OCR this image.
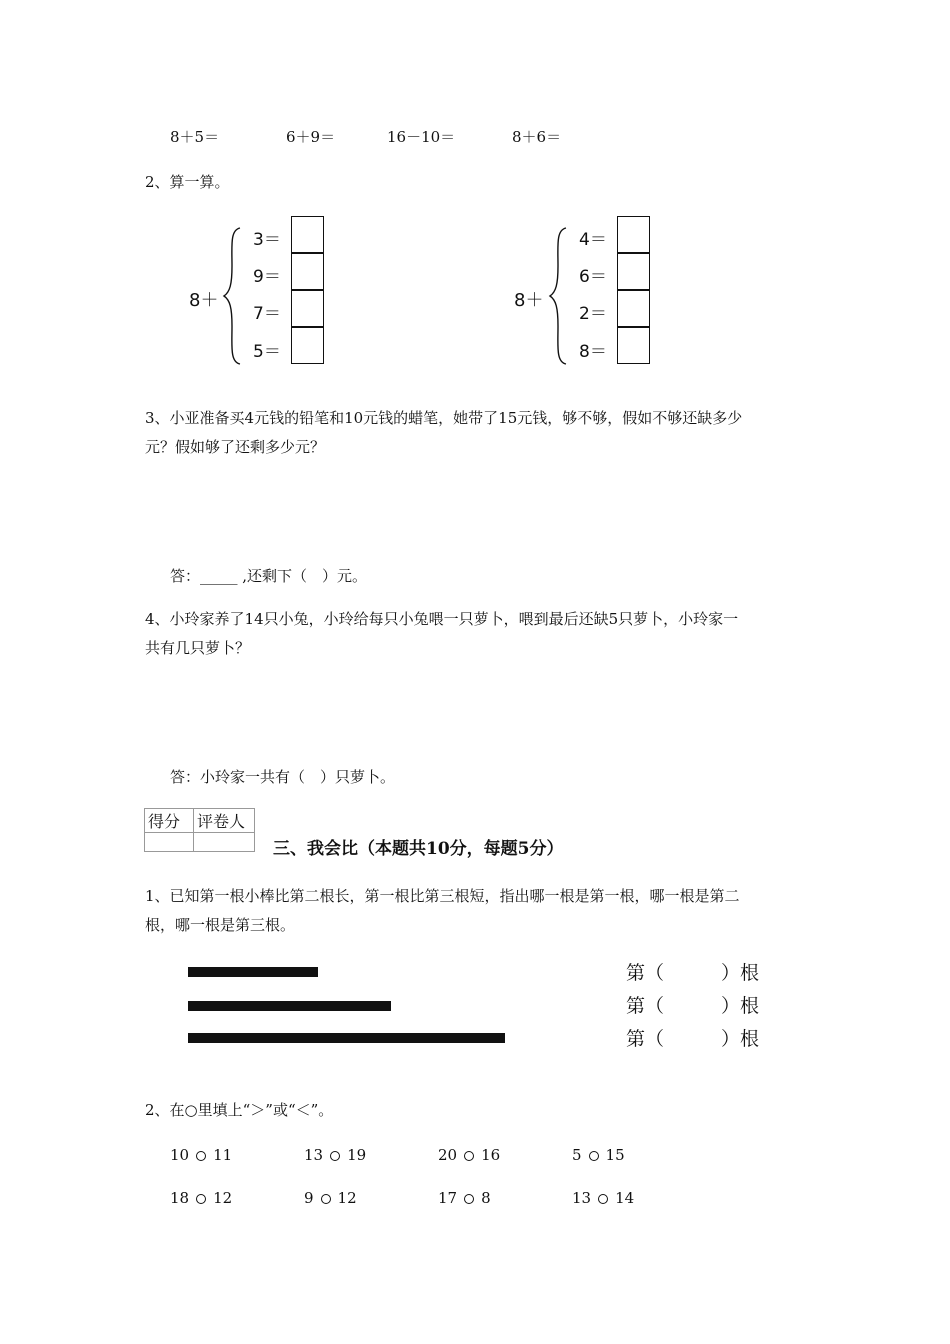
8＋5＝	6＋9＝	16－10＝	8＋6＝
2、算一算。
8＋
3＝
9＝
7＝
5＝
8＋
4＝
6＝
2＝
8＝
3、小亚准备买4元钱的铅笔和10元钱的蜡笔，她带了15元钱，够不够，假如不够还缺多少
元？假如够了还剩多少元？
答：_____ ,还剩下（　）元。
4、小玲家养了14只小兔，小玲给每只小兔喂一只萝卜，喂到最后还缺5只萝卜，小玲家一
共有几只萝卜？
答：小玲家一共有（　）只萝卜。
得分	评卷人

三、我会比（本题共10分，每题5分）
1、已知第一根小棒比第二根长，第一根比第三根短，指出哪一根是第一根，哪一根是第二
根，哪一根是第三根。
第（　　　）根
第（　　　）根
第（　　　）根
2、在○里填上“＞”或“＜”。
10 11	13 19	20 16	5 15
18 12	9 12	17 8	13 14
